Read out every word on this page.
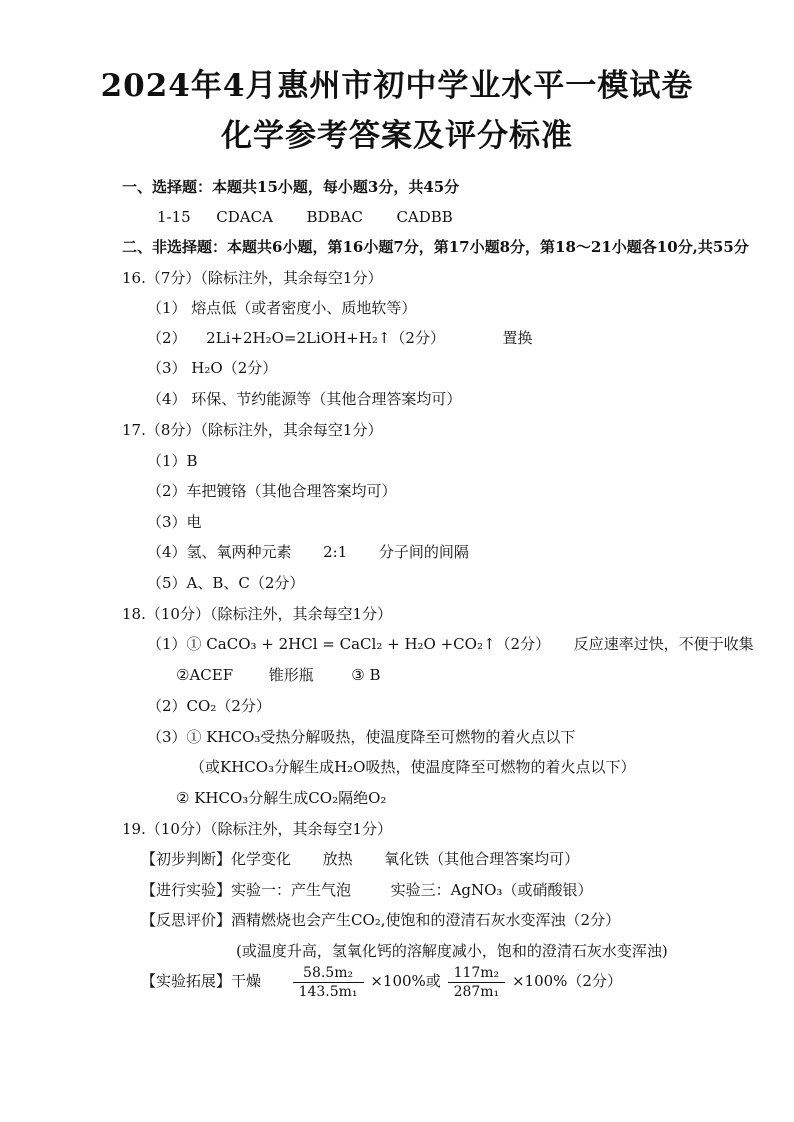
2024年4月惠州市初中学业水平一模试卷
化学参考答案及评分标准
一、选择题：本题共15小题，每小题3分，共45分
1-15 CDACA BDBAC CADBB
二、非选择题：本题共6小题，第16小题7分，第17小题8分，第18～21小题各10分,共55分
16.（7分）（除标注外，其余每空1分）
（1） 熔点低（或者密度小、质地软等）
（2） 2Li+2H₂O=2LiOH+H₂↑（2分）	置换
（3） H₂O（2分）
（4） 环保、节约能源等（其他合理答案均可）
17.（8分）（除标注外，其余每空1分）
（1）B
（2）车把镀铬（其他合理答案均可）
（3）电
（4）氢、氧两种元素 2:1 分子间的间隔
（5）A、B、C（2分）
18.（10分）（除标注外，其余每空1分）
（1）① CaCO₃ + 2HCl = CaCl₂ + H₂O +CO₂↑（2分） 反应速率过快，不便于收集
②ACEF 锥形瓶	③ B
（2）CO₂（2分）
（3）① KHCO₃受热分解吸热，使温度降至可燃物的着火点以下
（或KHCO₃分解生成H₂O吸热，使温度降至可燃物的着火点以下）
② KHCO₃分解生成CO₂隔绝O₂
19.（10分）（除标注外，其余每空1分）
【初步判断】化学变化 放热 氧化铁（其他合理答案均可）
【进行实验】实验一：产生气泡	实验三：AgNO₃（或硝酸银）
【反思评价】酒精燃烧也会产生CO₂,使饱和的澄清石灰水变浑浊（2分）
(或温度升高，氢氧化钙的溶解度减小，饱和的澄清石灰水变浑浊)
【实验拓展】干燥 $\frac{\text{58.5m₂}}{\text{143.5m₁}} \times 100\%$或 $\frac{\text{117m₂}}{\text{287m₁}} \times 100\%(2$分）
